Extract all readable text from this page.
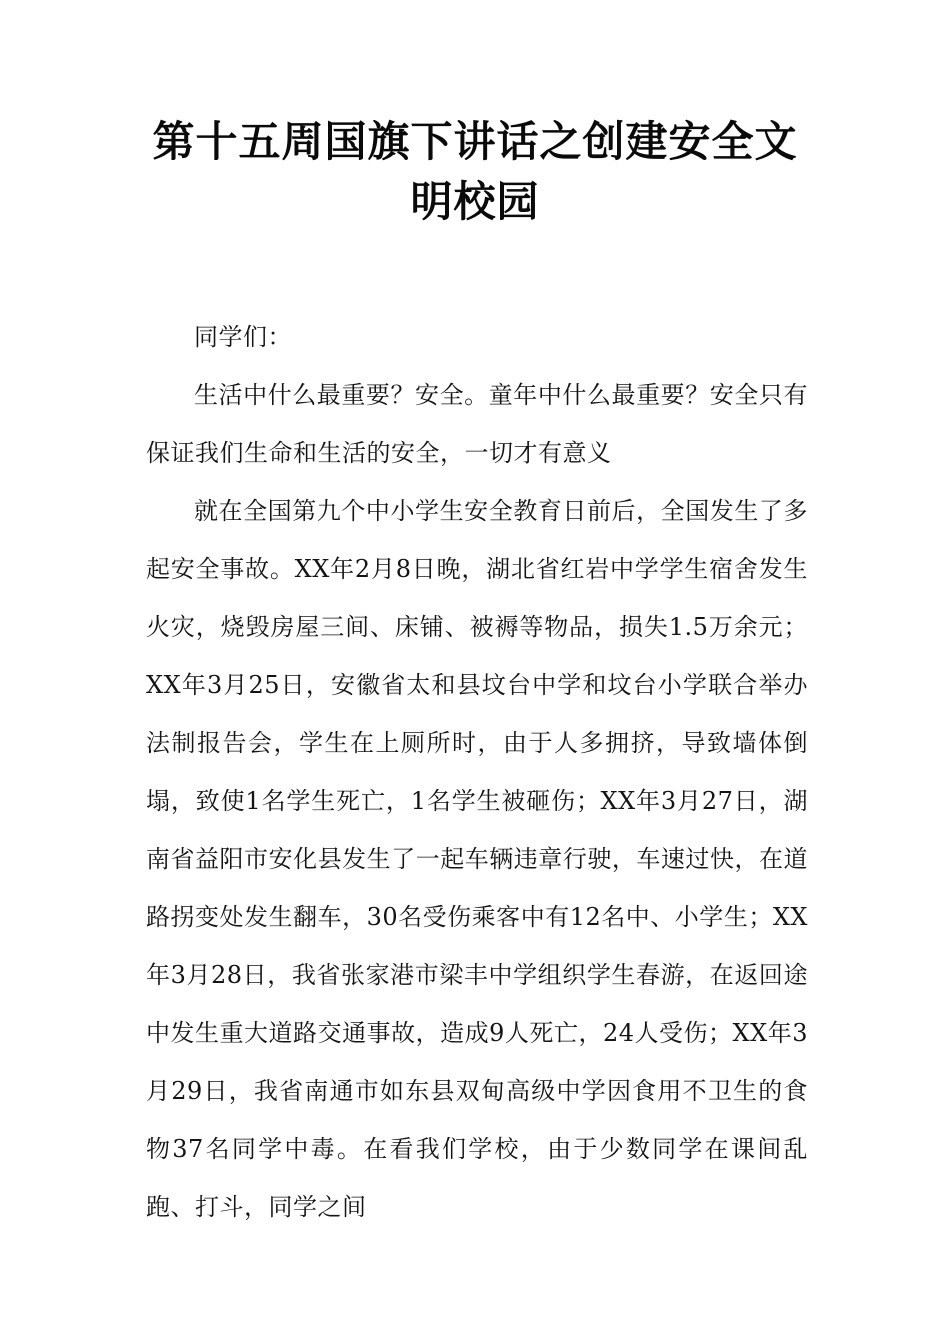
第十五周国旗下讲话之创建安全文明校园

同学们：

生活中什么最重要？安全。童年中什么最重要？安全只有保证我们生命和生活的安全，一切才有意义

就在全国第九个中小学生安全教育日前后，全国发生了多起安全事故。XX年2月8日晚，湖北省红岩中学学生宿舍发生火灾，烧毁房屋三间、床铺、被褥等物品，损失1.5万余元；XX年3月25日，安徽省太和县坟台中学和坟台小学联合举办法制报告会，学生在上厕所时，由于人多拥挤，导致墙体倒塌，致使1名学生死亡，1名学生被砸伤；XX年3月27日，湖南省益阳市安化县发生了一起车辆违章行驶，车速过快，在道路拐变处发生翻车，30名受伤乘客中有12名中、小学生；XX年3月28日，我省张家港市梁丰中学组织学生春游，在返回途中发生重大道路交通事故，造成9人死亡，24人受伤；XX年3月29日，我省南通市如东县双甸高级中学因食用不卫生的食物37名同学中毒。在看我们学校，由于少数同学在课间乱跑、打斗，同学之间
